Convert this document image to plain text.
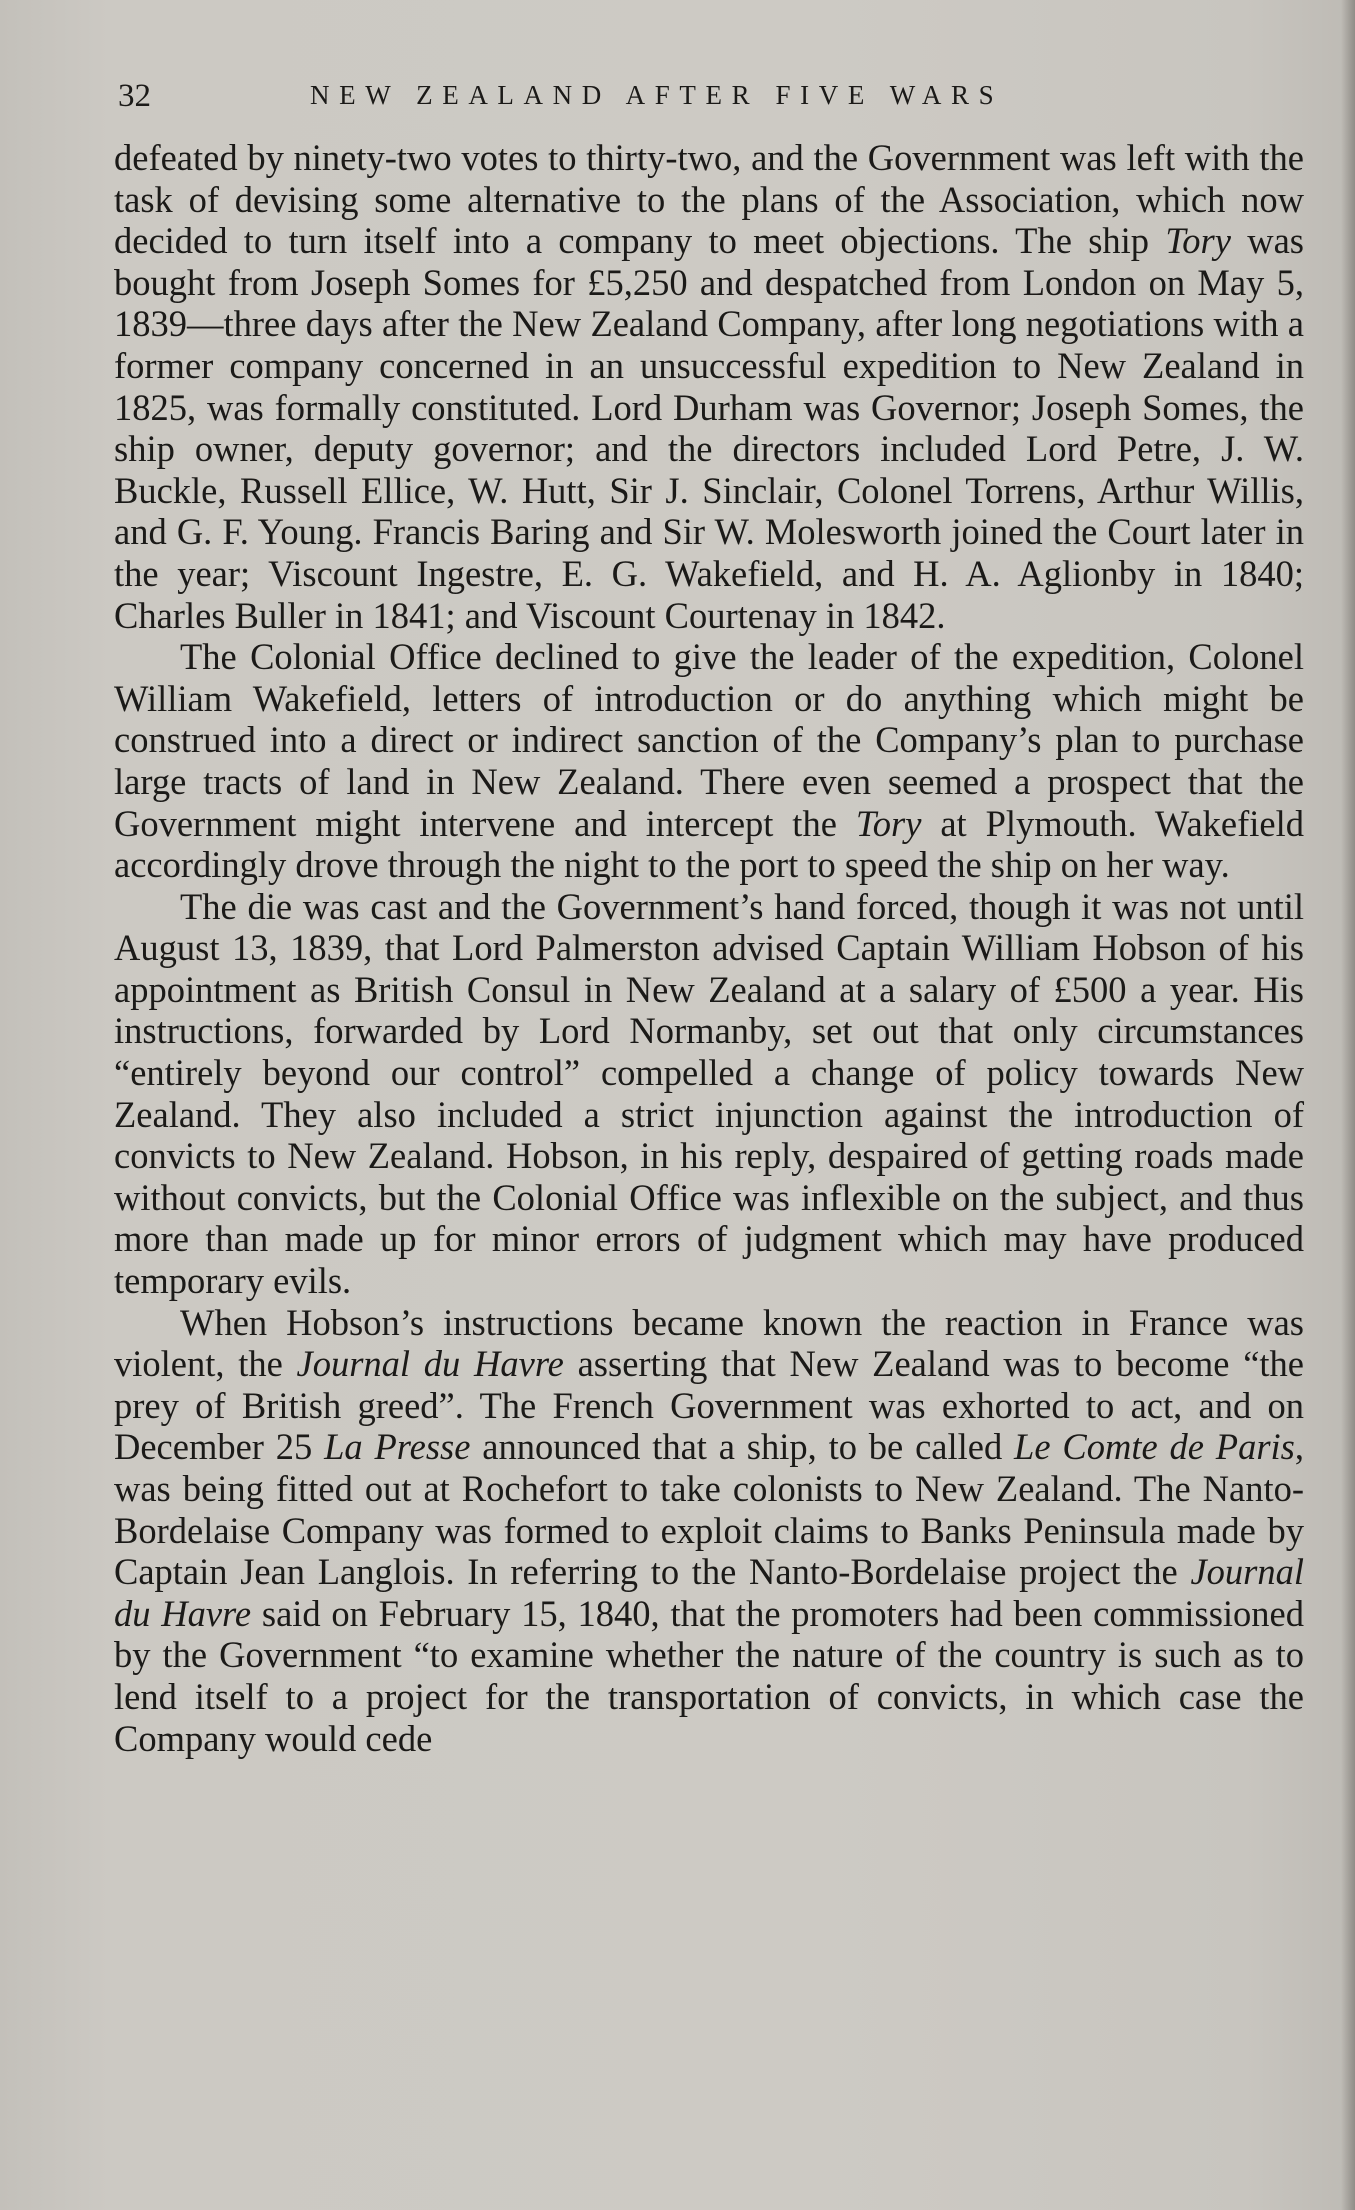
32	NEW ZEALAND AFTER FIVE WARS

defeated by ninety-two votes to thirty-two, and the Government was left with the task of devising some alternative to the plans of the Association, which now decided to turn itself into a company to meet objections. The ship Tory was bought from Joseph Somes for £5,250 and despatched from London on May 5, 1839—three days after the New Zealand Company, after long negotiations with a former company concerned in an unsuccessful expedition to New Zealand in 1825, was formally constituted. Lord Durham was Governor; Joseph Somes, the ship owner, deputy governor; and the directors included Lord Petre, J. W. Buckle, Russell Ellice, W. Hutt, Sir J. Sinclair, Colonel Torrens, Arthur Willis, and G. F. Young. Francis Baring and Sir W. Molesworth joined the Court later in the year; Viscount Ingestre, E. G. Wakefield, and H. A. Aglionby in 1840; Charles Buller in 1841; and Viscount Courtenay in 1842.

The Colonial Office declined to give the leader of the expedition, Colonel William Wakefield, letters of introduction or do anything which might be construed into a direct or indirect sanction of the Company’s plan to purchase large tracts of land in New Zealand. There even seemed a prospect that the Government might intervene and intercept the Tory at Plymouth. Wakefield accordingly drove through the night to the port to speed the ship on her way.

The die was cast and the Government’s hand forced, though it was not until August 13, 1839, that Lord Palmerston advised Captain William Hobson of his appointment as British Consul in New Zealand at a salary of £500 a year. His instructions, forwarded by Lord Normanby, set out that only circumstances “entirely beyond our control” compelled a change of policy towards New Zealand. They also included a strict injunction against the introduction of convicts to New Zealand. Hobson, in his reply, despaired of getting roads made without convicts, but the Colonial Office was inflexible on the subject, and thus more than made up for minor errors of judgment which may have produced temporary evils.

When Hobson’s instructions became known the reaction in France was violent, the Journal du Havre asserting that New Zealand was to become “the prey of British greed”. The French Government was exhorted to act, and on December 25 La Presse announced that a ship, to be called Le Comte de Paris, was being fitted out at Rochefort to take colonists to New Zealand. The Nanto-Bordelaise Company was formed to exploit claims to Banks Peninsula made by Captain Jean Langlois. In referring to the Nanto-Bordelaise project the Journal du Havre said on February 15, 1840, that the promoters had been commissioned by the Government “to examine whether the nature of the country is such as to lend itself to a project for the transportation of convicts, in which case the Company would cede
